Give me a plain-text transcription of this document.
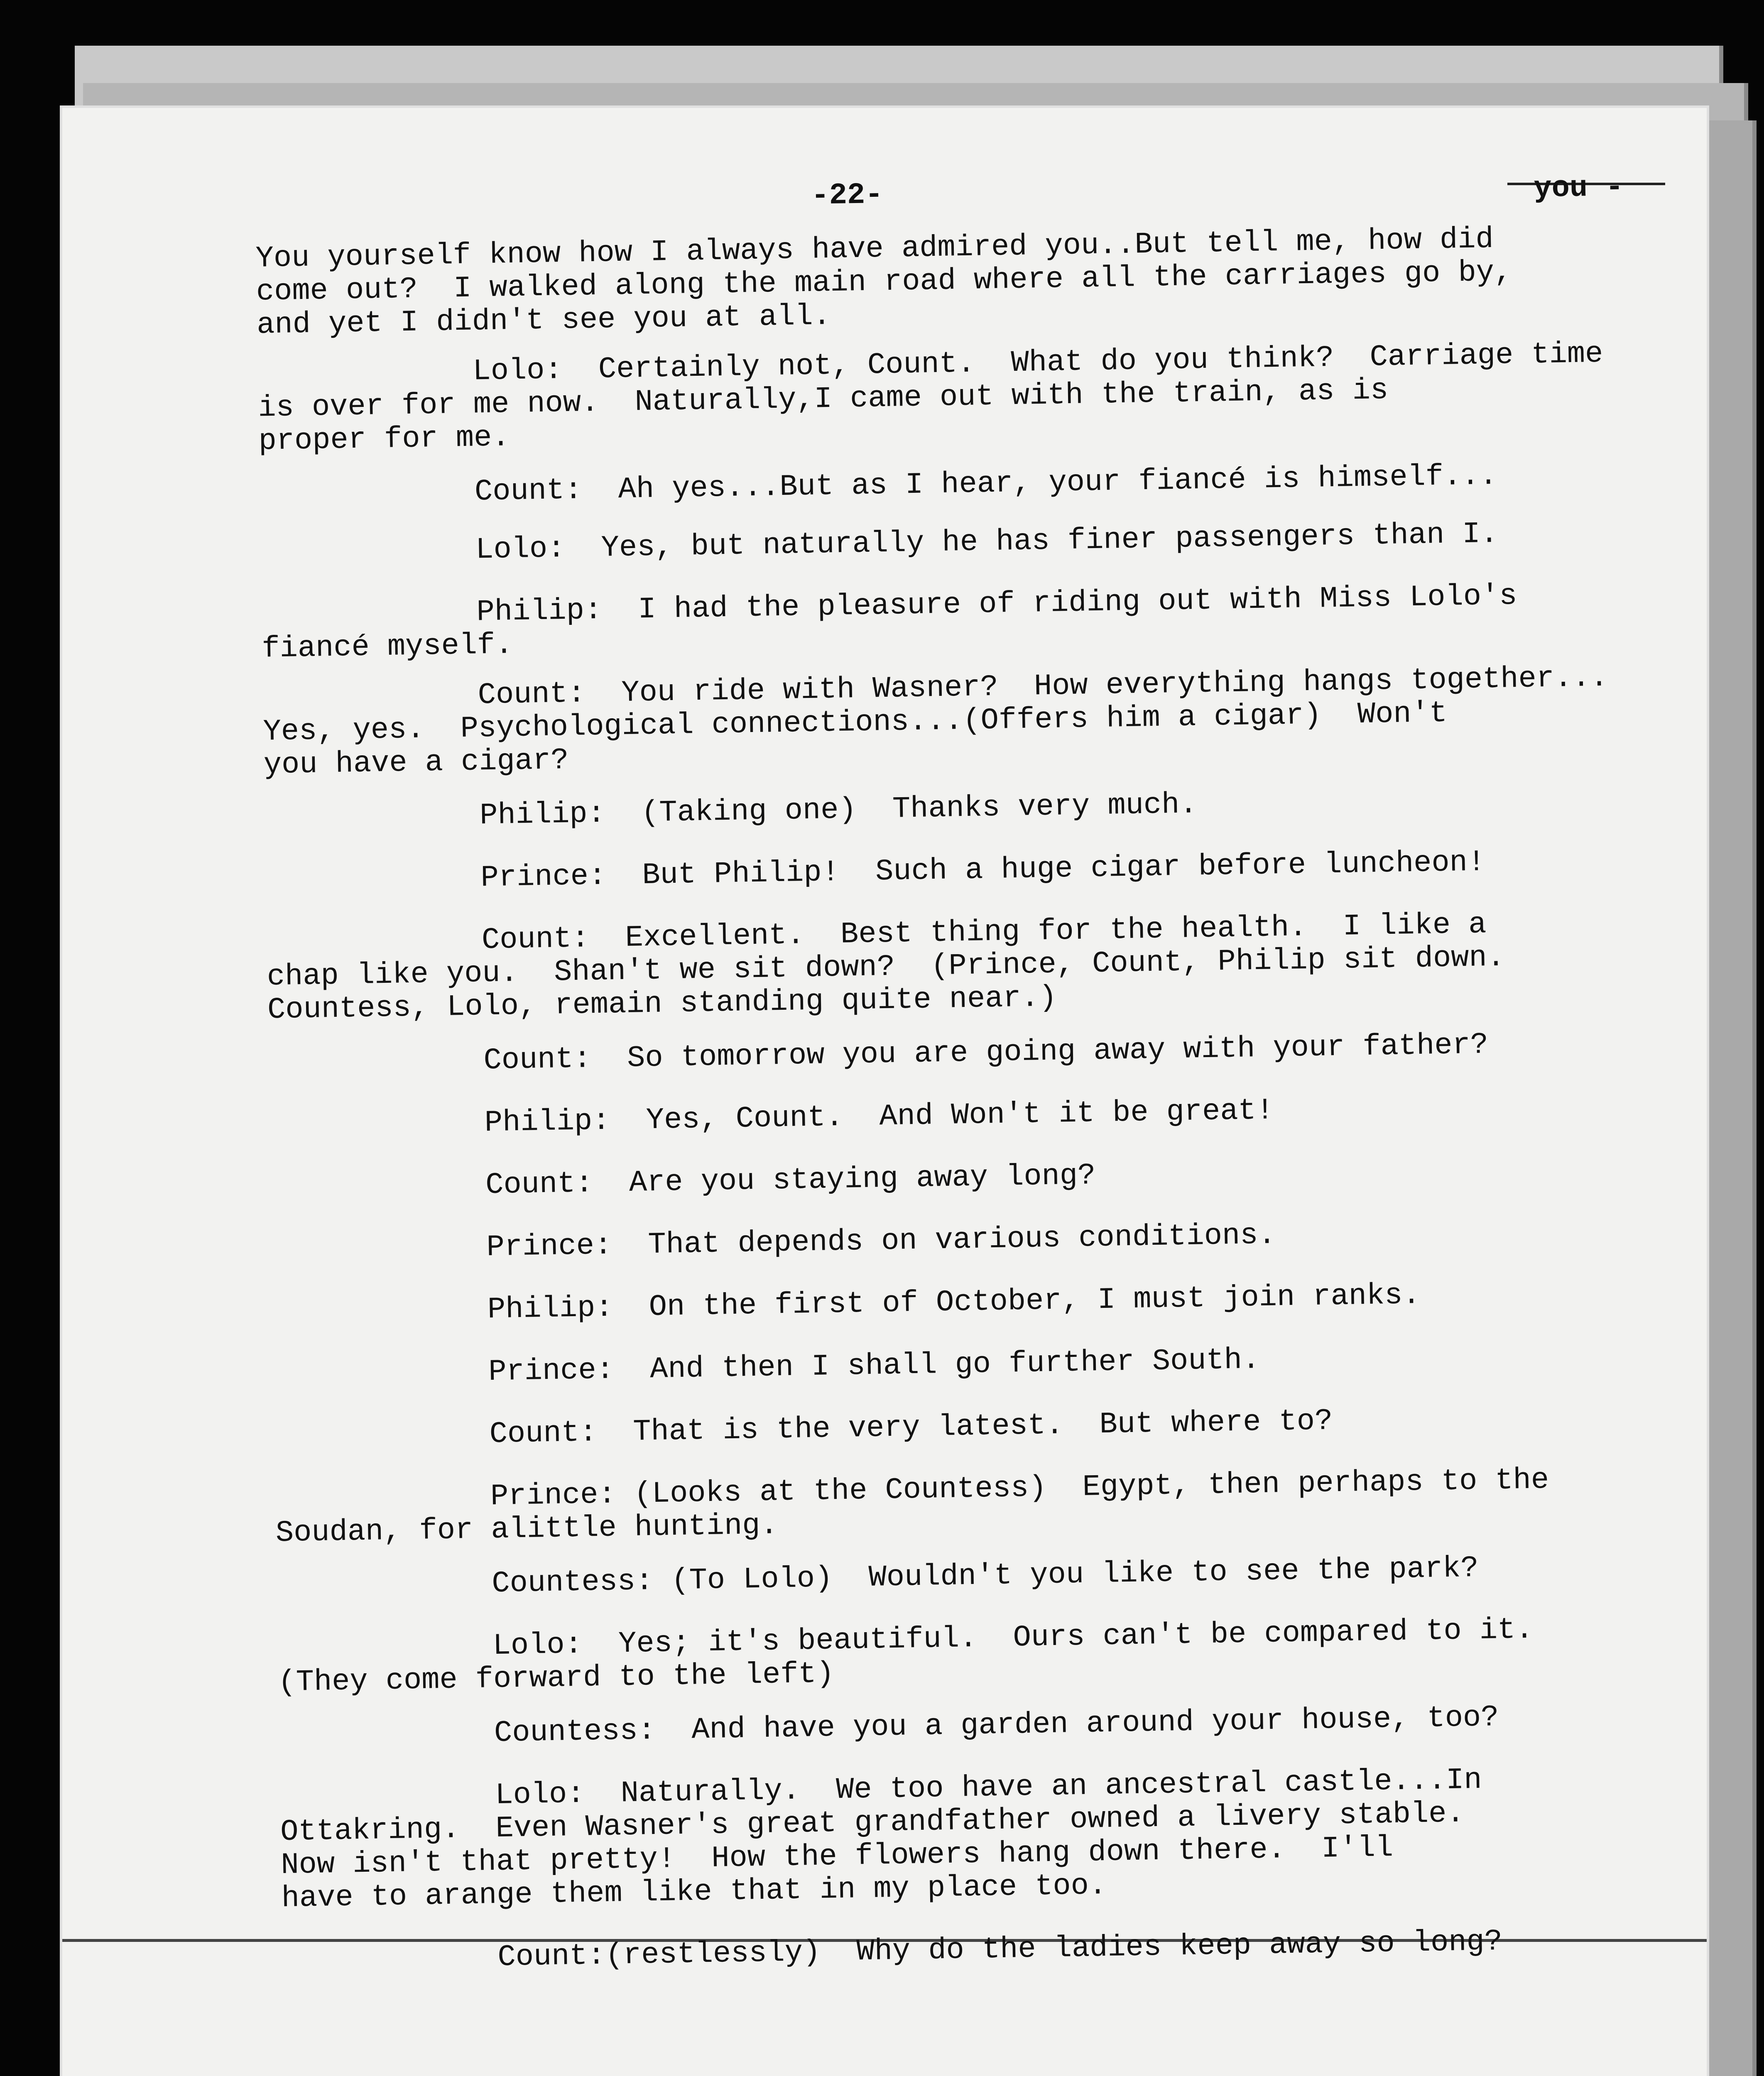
-22-	you -

You yourself know how I always have admired you..But tell me, how did
come out?  I walked along the main road where all the carriages go by,
and yet I didn't see you at all.

Lolo:  Certainly not, Count.  What do you think?  Carriage time
is over for me now.  Naturally,I came out with the train, as is
proper for me.

Count:  Ah yes...But as I hear, your fiancé is himself...

Lolo:  Yes, but naturally he has finer passengers than I.

Philip:  I had the pleasure of riding out with Miss Lolo's
fiancé myself.

Count:  You ride with Wasner?  How everything hangs together...
Yes, yes.  Psychological connections...(Offers him a cigar)  Won't
you have a cigar?

Philip:  (Taking one)  Thanks very much.

Prince:  But Philip!  Such a huge cigar before luncheon!

Count:  Excellent.  Best thing for the health.  I like a
chap like you.  Shan't we sit down?  (Prince, Count, Philip sit down.
Countess, Lolo, remain standing quite near.)

Count:  So tomorrow you are going away with your father?

Philip:  Yes, Count.  And Won't it be great!

Count:  Are you staying away long?

Prince:  That depends on various conditions.

Philip:  On the first of October, I must join ranks.

Prince:  And then I shall go further South.

Count:  That is the very latest.  But where to?

Prince: (Looks at the Countess)  Egypt, then perhaps to the
Soudan, for alittle hunting.

Countess: (To Lolo)  Wouldn't you like to see the park?

Lolo:  Yes; it's beautiful.  Ours can't be compared to it.
(They come forward to the left)

Countess:  And have you a garden around your house, too?

Lolo:  Naturally.  We too have an ancestral castle...In
Ottakring.  Even Wasner's great grandfather owned a livery stable.
Now isn't that pretty!  How the flowers hang down there.  I'll
have to arange them like that in my place too.

Count:(restlessly)  Why do the ladies keep away so long?
